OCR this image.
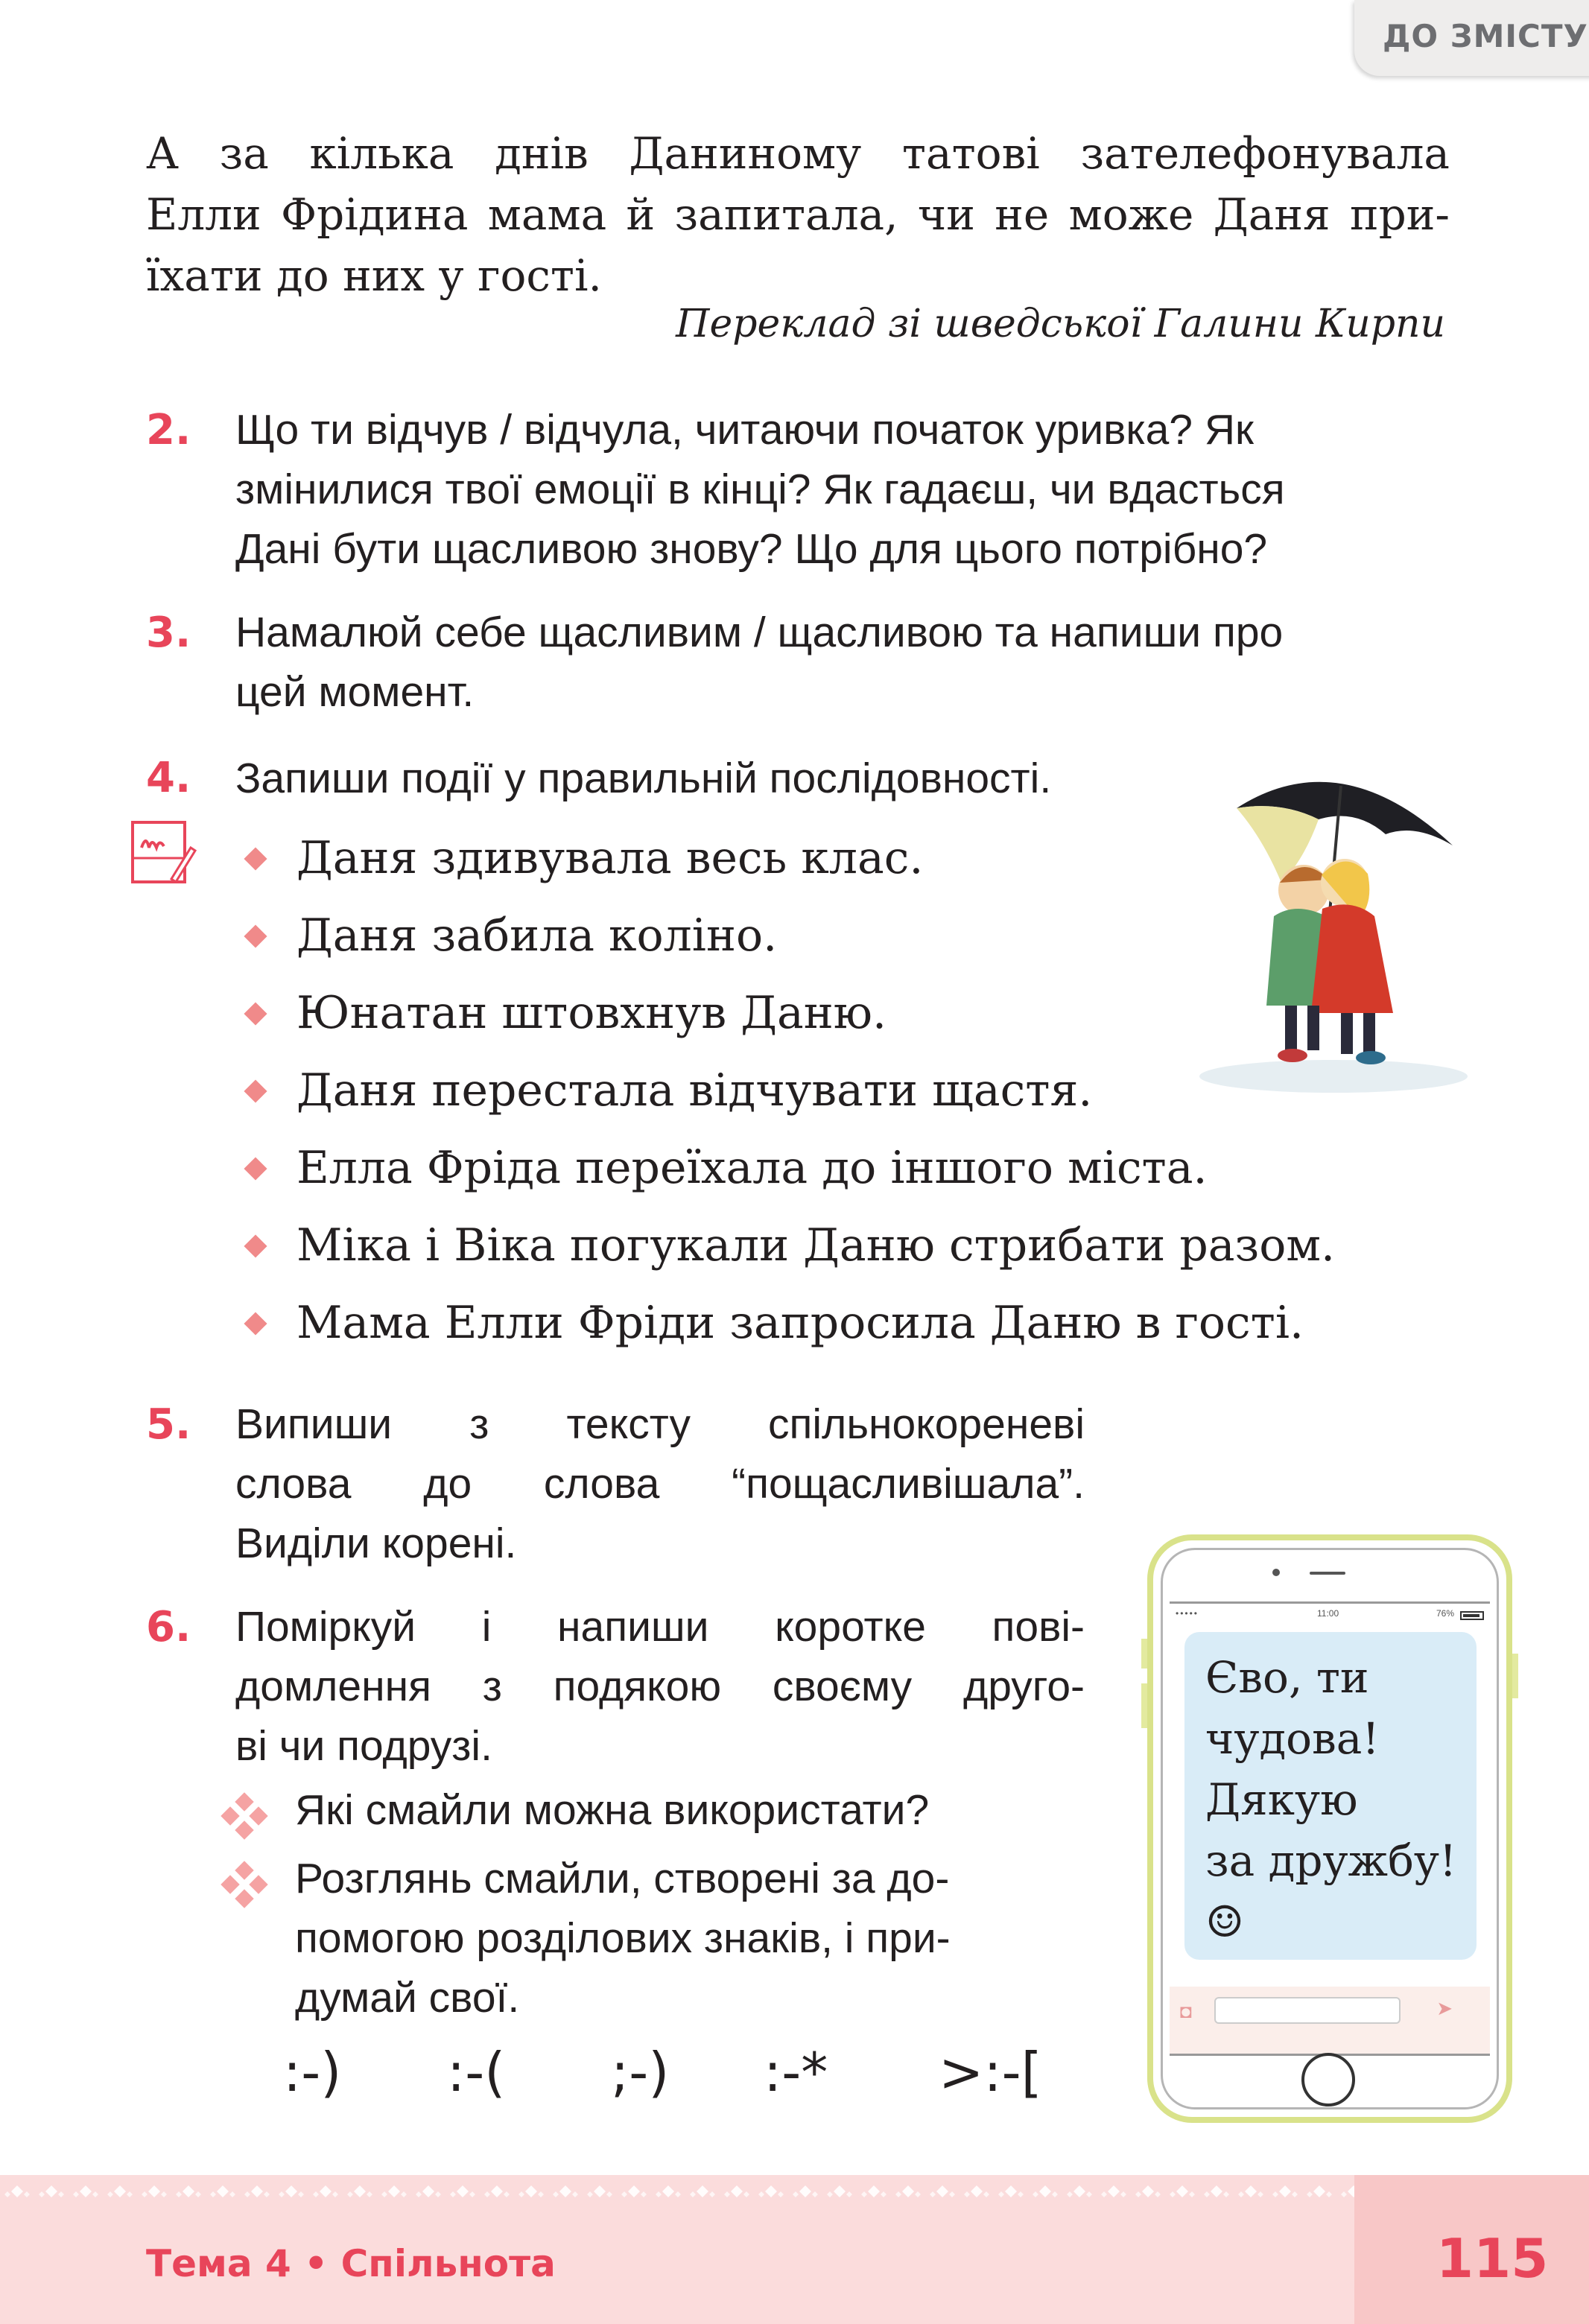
ДО ЗМІСТУ

А за кілька днів Даниному татові зателефонувала

Елли Фрідина мама й запитала, чи не може Даня при-

їхати до них у гості.

Переклад зі шведської Галини Кирпи

2.	Що ти відчув / відчула, читаючи початок уривка? Як
змінилися твої емоції в кінці? Як гадаєш, чи вдасться
Дані бути щасливою знову? Що для цього потрібно?

3.	Намалюй себе щасливим / щасливою та напиши про
цей момент.

4.	Запиши події у правильній послідовності.

Даня здивувала весь клас.
Даня забила коліно.
Юнатан штовхнув Даню.
Даня перестала відчувати щастя.
Елла Фріда переїхала до іншого міста.
Міка і Віка погукали Даню стрибати разом.
Мама Елли Фріди запросила Даню в гості.
5.	Випиши з тексту спільнокореневі
слова до слова “пощасливішала”.
Виділи корені.

6.	Поміркуй і напиши коротке пові-
домлення з подякою своєму друго-
ві чи подрузі.

Які смайли можна використати?
Розглянь смайли, створені за до-
помогою розділових знаків, і при-
думай свої.
:-) :-( ;-) :-* >:-[
•••••	11:00	76%
Єво, ти
чудова!
Дякую
за дружбу!
☺
◘	➤
Тема 4 • Спільнота	115
